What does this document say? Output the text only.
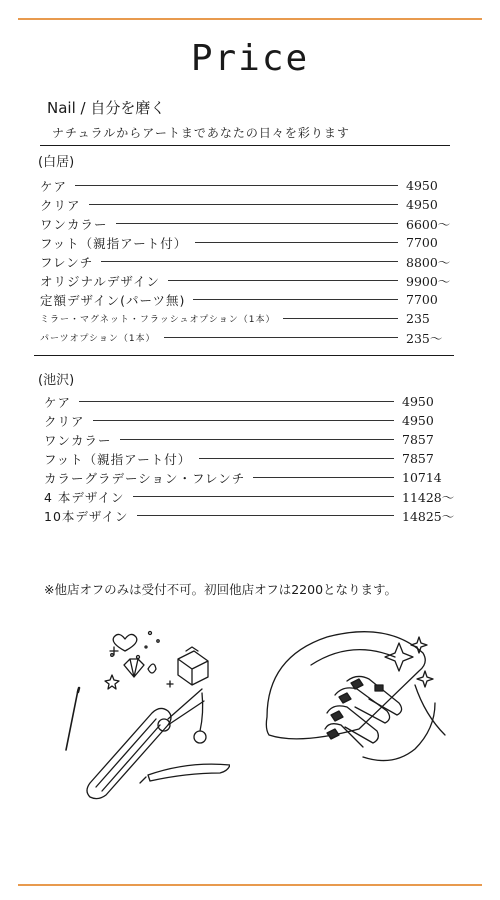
Price
Nail / 自分を磨く
ナチュラルからアートまであなたの日々を彩ります
(白居)
ケア	4950
クリア	4950
ワンカラー	6600〜
フット（親指アート付）	7700
フレンチ	8800〜
オリジナルデザイン	9900〜
定額デザイン(パーツ無)	7700
ミラー・マグネット・フラッシュオプション（1本）	235
パーツオプション（1本）	235〜
(池沢)
ケア	4950
クリア	4950
ワンカラー	7857
フット（親指アート付）	7857
カラーグラデーション・フレンチ	10714
4 本デザイン	11428〜
10本デザイン	14825〜
※他店オフのみは受付不可。初回他店オフは2200となります。
